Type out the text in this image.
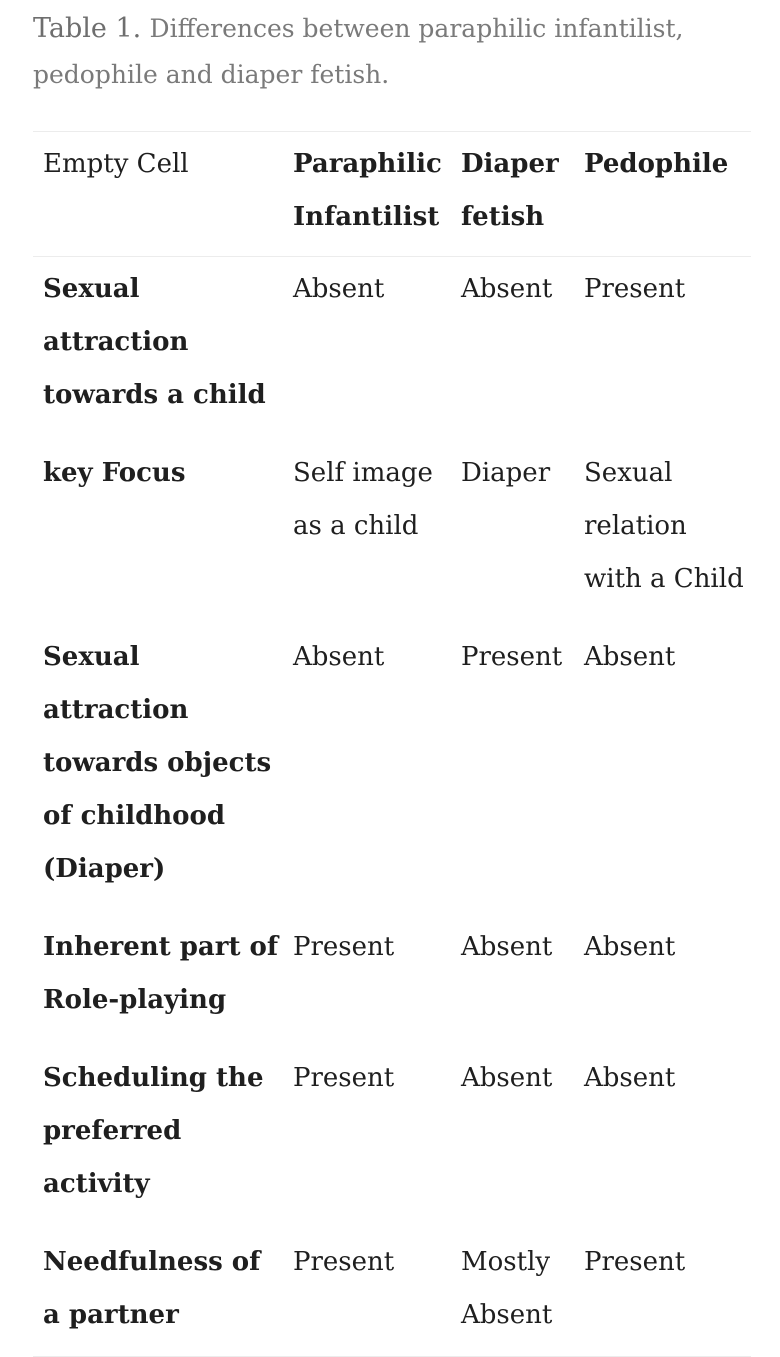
Table 1. Differences between paraphilic infantilist, pedophile and diaper fetish.
Empty Cell	Paraphilic Infantilist	Diaper fetish	Pedophile
Sexual attraction towards a child	Absent	Absent	Present
key Focus	Self image as a child	Diaper	Sexual relation with a Child
Sexual attraction towards objects of childhood (Diaper)	Absent	Present	Absent
Inherent part of Role-playing	Present	Absent	Absent
Scheduling the preferred activity	Present	Absent	Absent
Needfulness of a partner	Present	Mostly Absent	Present
